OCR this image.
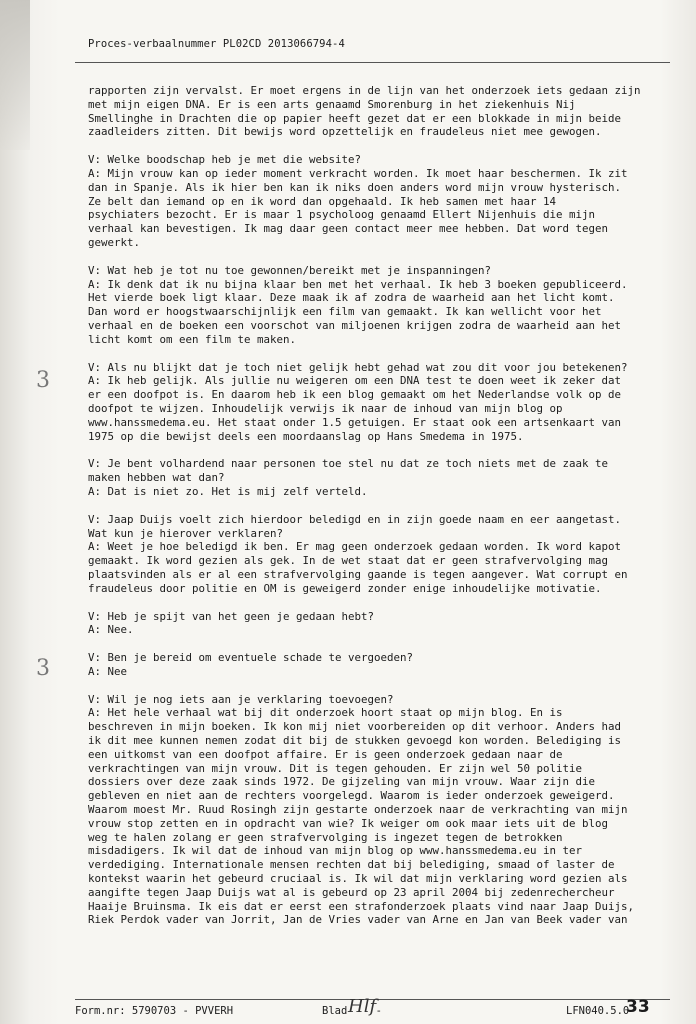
Proces-verbaalnummer PL02CD 2013066794-4
rapporten zijn vervalst. Er moet ergens in de lijn van het onderzoek iets gedaan zijn
met mijn eigen DNA. Er is een arts genaamd Smorenburg in het ziekenhuis Nij
Smellinghe in Drachten die op papier heeft gezet dat er een blokkade in mijn beide
zaadleiders zitten. Dit bewijs word opzettelijk en fraudeleus niet mee gewogen.
V: Welke boodschap heb je met die website?
A: Mijn vrouw kan op ieder moment verkracht worden. Ik moet haar beschermen. Ik zit
dan in Spanje. Als ik hier ben kan ik niks doen anders word mijn vrouw hysterisch.
Ze belt dan iemand op en ik word dan opgehaald. Ik heb samen met haar 14
psychiaters bezocht. Er is maar 1 psycholoog genaamd Ellert Nijenhuis die mijn
verhaal kan bevestigen. Ik mag daar geen contact meer mee hebben. Dat word tegen
gewerkt.
V: Wat heb je tot nu toe gewonnen/bereikt met je inspanningen?
A: Ik denk dat ik nu bijna klaar ben met het verhaal. Ik heb 3 boeken gepubliceerd.
Het vierde boek ligt klaar. Deze maak ik af zodra de waarheid aan het licht komt.
Dan word er hoogstwaarschijnlijk een film van gemaakt. Ik kan wellicht voor het
verhaal en de boeken een voorschot van miljoenen krijgen zodra de waarheid aan het
licht komt om een film te maken.
V: Als nu blijkt dat je toch niet gelijk hebt gehad wat zou dit voor jou betekenen?
A: Ik heb gelijk. Als jullie nu weigeren om een DNA test te doen weet ik zeker dat
er een doofpot is. En daarom heb ik een blog gemaakt om het Nederlandse volk op de
doofpot te wijzen. Inhoudelijk verwijs ik naar de inhoud van mijn blog op
www.hanssmedema.eu. Het staat onder 1.5 getuigen. Er staat ook een artsenkaart van
1975 op die bewijst deels een moordaanslag op Hans Smedema in 1975.
V: Je bent volhardend naar personen toe stel nu dat ze toch niets met de zaak te
maken hebben wat dan?
A: Dat is niet zo. Het is mij zelf verteld.
V: Jaap Duijs voelt zich hierdoor beledigd en in zijn goede naam en eer aangetast.
Wat kun je hierover verklaren?
A: Weet je hoe beledigd ik ben. Er mag geen onderzoek gedaan worden. Ik word kapot
gemaakt. Ik word gezien als gek. In de wet staat dat er geen strafvervolging mag
plaatsvinden als er al een strafvervolging gaande is tegen aangever. Wat corrupt en
fraudeleus door politie en OM is geweigerd zonder enige inhoudelijke motivatie.
V: Heb je spijt van het geen je gedaan hebt?
A: Nee.
V: Ben je bereid om eventuele schade te vergoeden?
A: Nee
V: Wil je nog iets aan je verklaring toevoegen?
A: Het hele verhaal wat bij dit onderzoek hoort staat op mijn blog. En is
beschreven in mijn boeken. Ik kon mij niet voorbereiden op dit verhoor. Anders had
ik dit mee kunnen nemen zodat dit bij de stukken gevoegd kon worden. Belediging is
een uitkomst van een doofpot affaire. Er is geen onderzoek gedaan naar de
verkrachtingen van mijn vrouw. Dit is tegen gehouden. Er zijn wel 50 politie
dossiers over deze zaak sinds 1972. De gijzeling van mijn vrouw. Waar zijn die
gebleven en niet aan de rechters voorgelegd. Waarom is ieder onderzoek geweigerd.
Waarom moest Mr. Ruud Rosingh zijn gestarte onderzoek naar de verkrachting van mijn
vrouw stop zetten en in opdracht van wie? Ik weiger om ook maar iets uit de blog
weg te halen zolang er geen strafvervolging is ingezet tegen de betrokken
misdadigers. Ik wil dat de inhoud van mijn blog op www.hanssmedema.eu in ter
verdediging. Internationale mensen rechten dat bij belediging, smaad of laster de
kontekst waarin het gebeurd cruciaal is. Ik wil dat mijn verklaring word gezien als
aangifte tegen Jaap Duijs wat al is gebeurd op 23 april 2004 bij zedenrechercheur
Haaije Bruinsma. Ik eis dat er eerst een strafonderzoek plaats vind naar Jaap Duijs,
Riek Perdok vader van Jorrit, Jan de Vries vader van Arne en Jan van Beek vader van
3
3
Form.nr: 5790703 - PVVERH	Blad	-
Hlf	LFN040.5.0
33
